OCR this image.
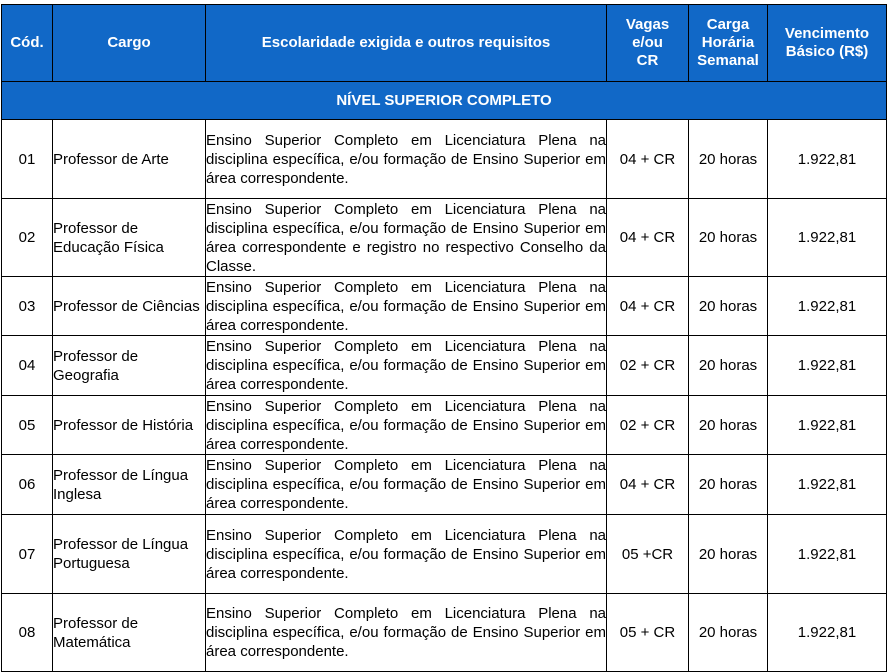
Cód.	Cargo	Escolaridade exigida e outros requisitos	Vagas e/ou CR	Carga Horária Semanal	Vencimento Básico (R$)
NÍVEL SUPERIOR COMPLETO					
01	Professor de Arte	Ensino Superior Completo em Licenciatura Plena na disciplina específica, e/ou formação de Ensino Superior em área correspondente.	04 + CR	20 horas	1.922,81
02	Professor de Educação Física	Ensino Superior Completo em Licenciatura Plena na disciplina específica, e/ou formação de Ensino Superior em área correspondente e registro no respectivo Conselho da Classe.	04 + CR	20 horas	1.922,81
03	Professor de Ciências	Ensino Superior Completo em Licenciatura Plena na disciplina específica, e/ou formação de Ensino Superior em área correspondente.	04 + CR	20 horas	1.922,81
04	Professor de Geografia	Ensino Superior Completo em Licenciatura Plena na disciplina específica, e/ou formação de Ensino Superior em área correspondente.	02 + CR	20 horas	1.922,81
05	Professor de História	Ensino Superior Completo em Licenciatura Plena na disciplina específica, e/ou formação de Ensino Superior em área correspondente.	02 + CR	20 horas	1.922,81
06	Professor de Língua Inglesa	Ensino Superior Completo em Licenciatura Plena na disciplina específica, e/ou formação de Ensino Superior em área correspondente.	04 + CR	20 horas	1.922,81
07	Professor de Língua Portuguesa	Ensino Superior Completo em Licenciatura Plena na disciplina específica, e/ou formação de Ensino Superior em área correspondente.	05 +CR	20 horas	1.922,81
08	Professor de Matemática	Ensino Superior Completo em Licenciatura Plena na disciplina específica, e/ou formação de Ensino Superior em área correspondente.	05 + CR	20 horas	1.922,81
